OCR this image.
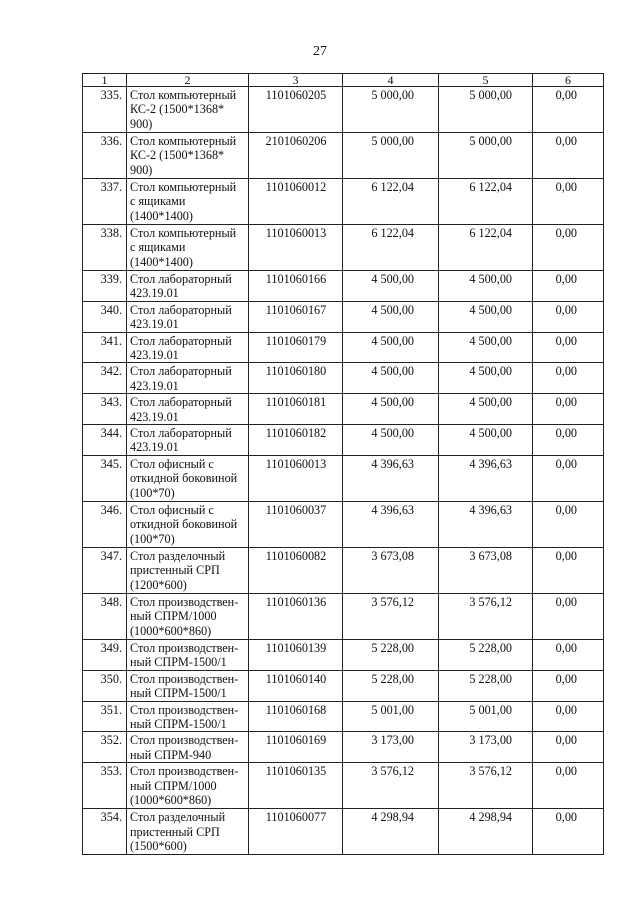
27
1	2	3	4	5	6
335.	Стол компьютерный
КС-2 (1500*1368*
900)	1101060205	5 000,00	5 000,00	0,00
336.	Стол компьютерный
КС-2 (1500*1368*
900)	2101060206	5 000,00	5 000,00	0,00
337.	Стол компьютерный
с ящиками
(1400*1400)	1101060012	6 122,04	6 122,04	0,00
338.	Стол компьютерный
с ящиками
(1400*1400)	1101060013	6 122,04	6 122,04	0,00
339.	Стол лабораторный
423.19.01	1101060166	4 500,00	4 500,00	0,00
340.	Стол лабораторный
423.19.01	1101060167	4 500,00	4 500,00	0,00
341.	Стол лабораторный
423.19.01	1101060179	4 500,00	4 500,00	0,00
342.	Стол лабораторный
423.19.01	1101060180	4 500,00	4 500,00	0,00
343.	Стол лабораторный
423.19.01	1101060181	4 500,00	4 500,00	0,00
344.	Стол лабораторный
423.19.01	1101060182	4 500,00	4 500,00	0,00
345.	Стол офисный с
откидной боковиной
(100*70)	1101060013	4 396,63	4 396,63	0,00
346.	Стол офисный с
откидной боковиной
(100*70)	1101060037	4 396,63	4 396,63	0,00
347.	Стол разделочный
пристенный СРП
(1200*600)	1101060082	3 673,08	3 673,08	0,00
348.	Стол производствен-
ный СПРМ/1000
(1000*600*860)	1101060136	3 576,12	3 576,12	0,00
349.	Стол производствен-
ный СПРМ-1500/1	1101060139	5 228,00	5 228,00	0,00
350.	Стол производствен-
ный СПРМ-1500/1	1101060140	5 228,00	5 228,00	0,00
351.	Стол производствен-
ный СПРМ-1500/1	1101060168	5 001,00	5 001,00	0,00
352.	Стол производствен-
ный СПРМ-940	1101060169	3 173,00	3 173,00	0,00
353.	Стол производствен-
ный СПРМ/1000
(1000*600*860)	1101060135	3 576,12	3 576,12	0,00
354.	Стол разделочный
пристенный СРП
(1500*600)	1101060077	4 298,94	4 298,94	0,00
